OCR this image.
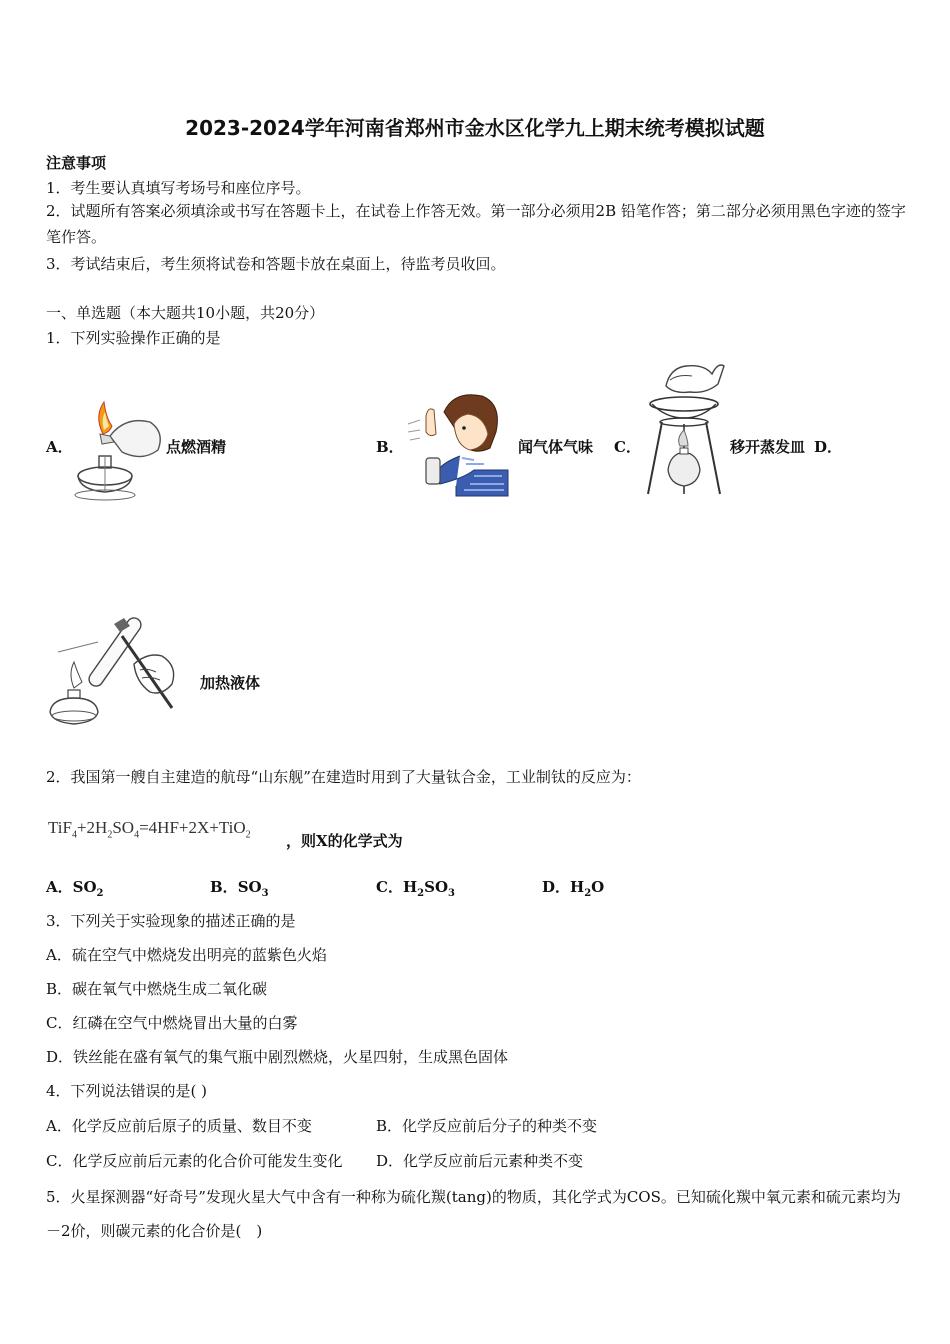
2023-2024学年河南省郑州市金水区化学九上期末统考模拟试题
注意事项
1．考生要认真填写考场号和座位序号。
2．试题所有答案必须填涂或书写在答题卡上，在试卷上作答无效。第一部分必须用2B 铅笔作答；第二部分必须用黑色字迹的签字笔作答。
3．考试结束后，考生须将试卷和答题卡放在桌面上，待监考员收回。
一、单选题（本大题共10小题，共20分）
1．下列实验操作正确的是
A．	点燃酒精	B．	闻气体气味 C．	移开蒸发皿 D．
加热液体
2．我国第一艘自主建造的航母“山东舰”在建造时用到了大量钛合金，工业制钛的反应为：
$TiF_4+2H_2SO_4=4HF+2X+TiO_2$ ，则X的化学式为
A．$SO_2$	B．$SO_3$	C．$H_2SO_3$	D．$H_2O$
3．下列关于实验现象的描述正确的是
A．硫在空气中燃烧发出明亮的蓝紫色火焰
B．碳在氧气中燃烧生成二氧化碳
C．红磷在空气中燃烧冒出大量的白雾
D．铁丝能在盛有氧气的集气瓶中剧烈燃烧，火星四射，生成黑色固体
4．下列说法错误的是( )
A．化学反应前后原子的质量、数目不变	B．化学反应前后分子的种类不变
C．化学反应前后元素的化合价可能发生变化 D．化学反应前后元素种类不变
5．火星探测器“好奇号”发现火星大气中含有一种称为硫化羰(tang)的物质，其化学式为COS。已知硫化羰中氧元素和硫元素均为－2价，则碳元素的化合价是(　)
